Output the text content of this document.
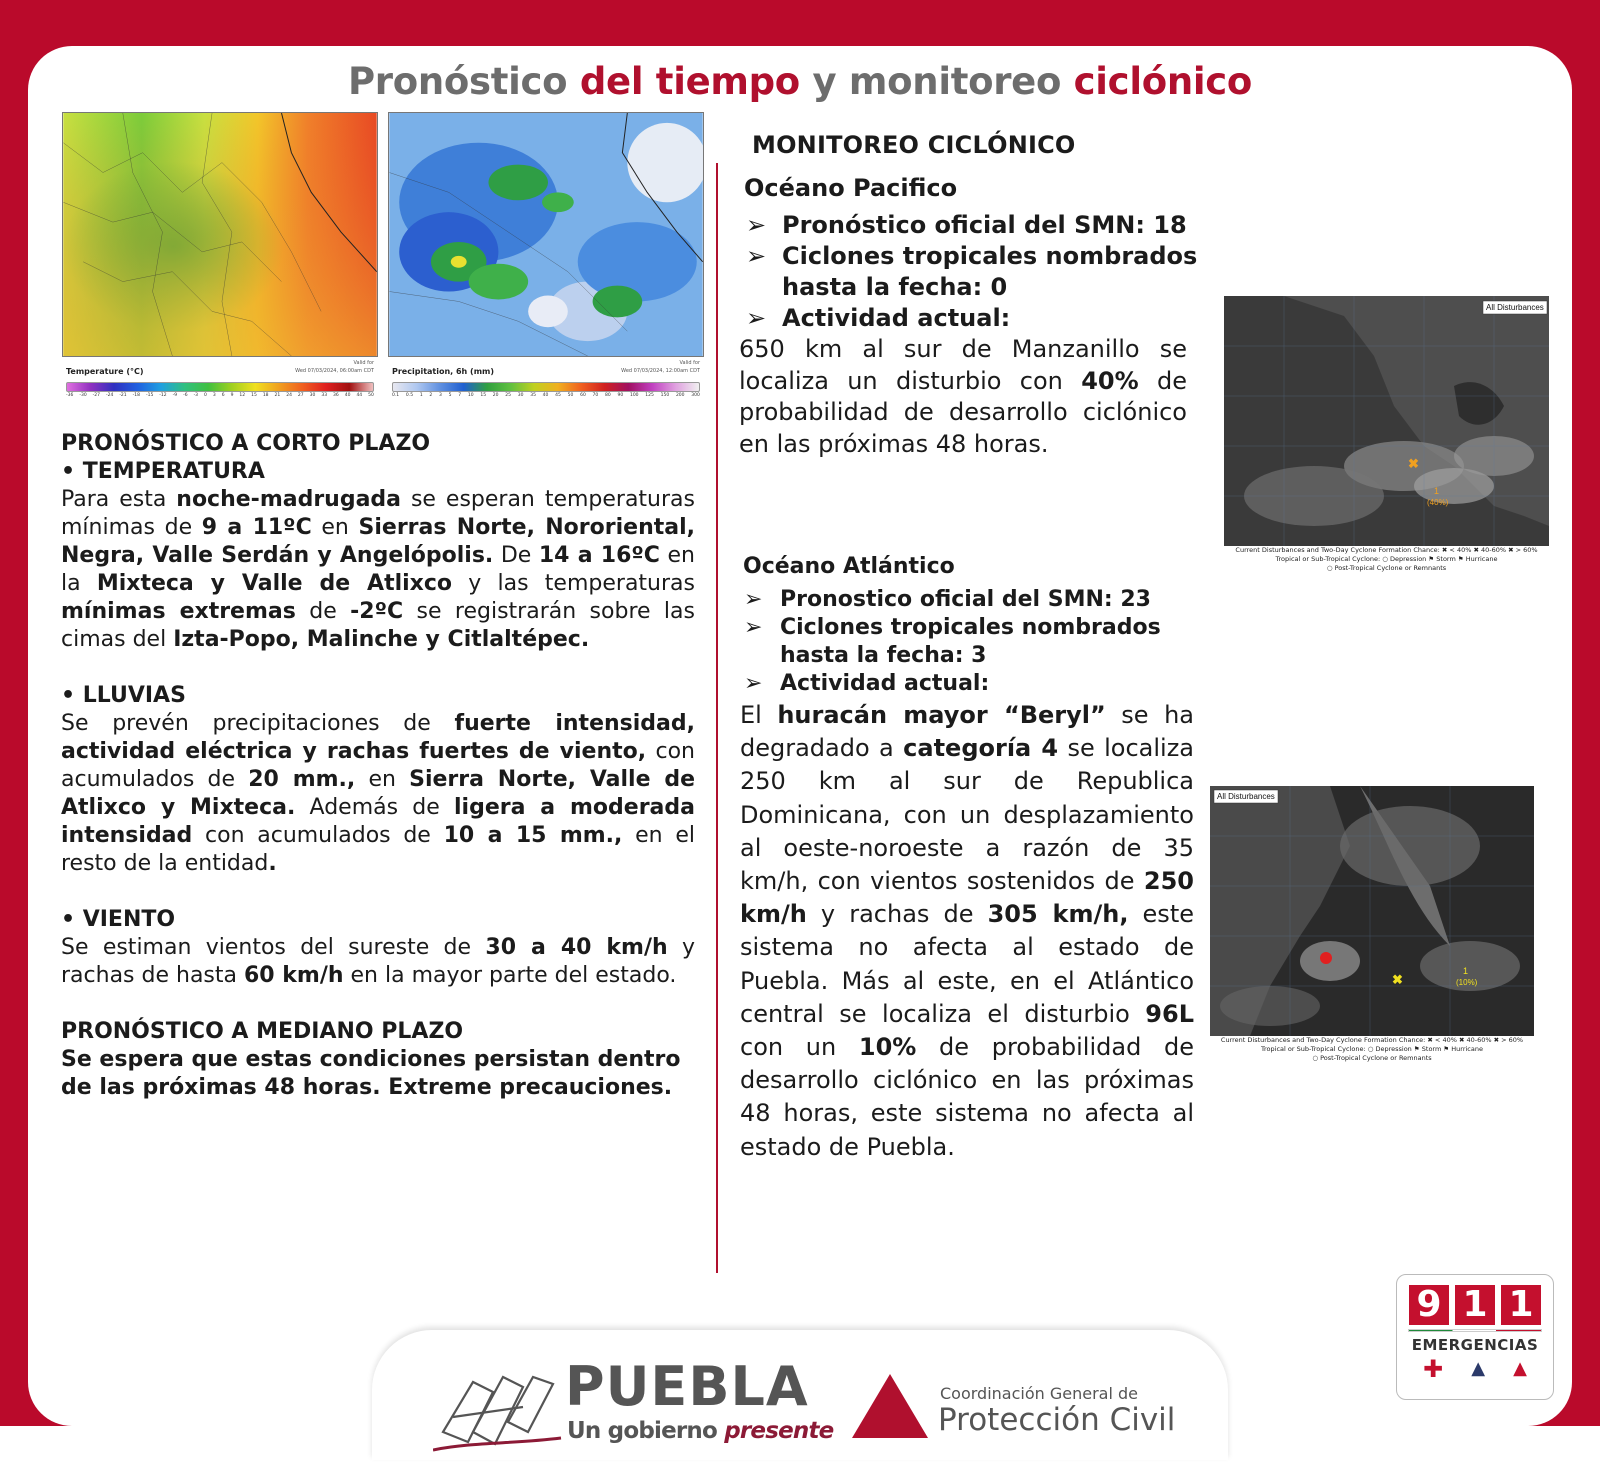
Pronóstico del tiempo y monitoreo ciclónico
Valid for
Wed 07/03/2024, 06:00am CDT
Temperature (°C)
-36 -30 -27 -24 -21 -18 -15 -12 -9 -6 -3 0 3 6 9 12 15 18 21 24 27 30 33 36 40 44 50
Valid for
Wed 07/03/2024, 12:00am CDT
Precipitation, 6h (mm)
0.1 0.5 1 2 3 5 7 10 15 20 25 30 35 40 45 50 60 70 80 90 100 125 150 200 300

PRONÓSTICO A CORTO PLAZO

• TEMPERATURA

Para esta noche-madrugada se esperan temperaturas mínimas de 9 a 11ºC en Sierras Norte, Nororiental, Negra, Valle Serdán y Angelópolis. De 14 a 16ºC en la Mixteca y Valle de Atlixco y las temperaturas mínimas extremas de -2ºC se registrarán sobre las cimas del Izta-Popo, Malinche y Citlaltépec.

• LLUVIAS

Se prevén precipitaciones de fuerte intensidad, actividad eléctrica y rachas fuertes de viento, con acumulados de 20 mm., en Sierra Norte, Valle de Atlixco y Mixteca. Además de ligera a moderada intensidad con acumulados de 10 a 15 mm., en el resto de la entidad.

• VIENTO

Se estiman vientos del sureste de 30 a 40 km/h y rachas de hasta 60 km/h en la mayor parte del estado.

PRONÓSTICO A MEDIANO PLAZO

Se espera que estas condiciones persistan dentro de las próximas 48 horas. Extreme precauciones.

MONITOREO CICLÓNICO
Océano Pacifico
➢ Pronóstico oficial del SMN: 18
➢ Ciclones tropicales nombrados hasta la fecha: 0
➢ Actividad actual:

650 km al sur de Manzanillo se localiza un disturbio con 40% de probabilidad de desarrollo ciclónico en las próximas 48 horas.

Océano Atlántico
➢ Pronostico oficial del SMN: 23
➢ Ciclones tropicales nombrados hasta la fecha: 3
➢ Actividad actual:

El huracán mayor “Beryl” se ha degradado a categoría 4 se localiza 250 km al sur de Republica Dominicana, con un desplazamiento al oeste-noroeste a razón de 35 km/h, con vientos sostenidos de 250 km/h y rachas de 305 km/h, este sistema no afecta al estado de Puebla. Más al este, en el Atlántico central se localiza el disturbio 96L con un 10% de probabilidad de desarrollo ciclónico en las próximas 48 horas, este sistema no afecta al estado de Puebla.

All Disturbances
✖
1
(40%)
Current Disturbances and Two-Day Cyclone Formation Chance: ✖ < 40% ✖ 40-60% ✖ > 60%
Tropical or Sub-Tropical Cyclone: ○ Depression ⚑ Storm ⚑ Hurricane
○ Post-Tropical Cyclone or Remnants
All Disturbances
✖
1
(10%)
Current Disturbances and Two-Day Cyclone Formation Chance: ✖ < 40% ✖ 40-60% ✖ > 60%
Tropical or Sub-Tropical Cyclone: ○ Depression ⚑ Storm ⚑ Hurricane
○ Post-Tropical Cyclone or Remnants
PUEBLA
Un gobierno presente
Coordinación General de
Protección Civil
9 1 1
EMERGENCIAS
✚ ▲ ▲
